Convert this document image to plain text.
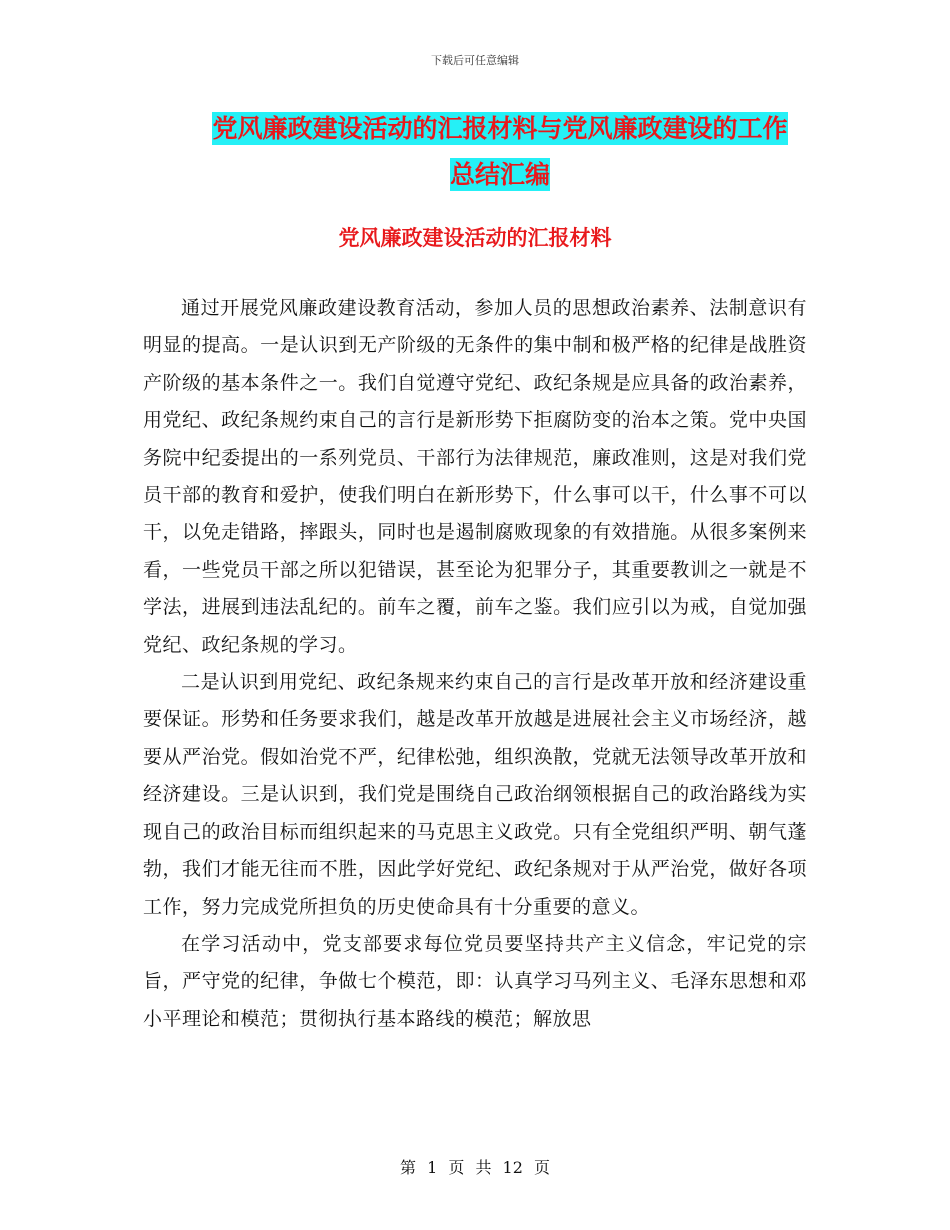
下载后可任意编辑
党风廉政建设活动的汇报材料与党风廉政建设的工作
总结汇编
党风廉政建设活动的汇报材料

通过开展党风廉政建设教育活动，参加人员的思想政治素养、法制意识有明显的提高。一是认识到无产阶级的无条件的集中制和极严格的纪律是战胜资产阶级的基本条件之一。我们自觉遵守党纪、政纪条规是应具备的政治素养，用党纪、政纪条规约束自己的言行是新形势下拒腐防变的治本之策。党中央国务院中纪委提出的一系列党员、干部行为法律规范，廉政准则，这是对我们党员干部的教育和爱护，使我们明白在新形势下，什么事可以干，什么事不可以干，以免走错路，摔跟头，同时也是遏制腐败现象的有效措施。从很多案例来看，一些党员干部之所以犯错误，甚至论为犯罪分子，其重要教训之一就是不学法，进展到违法乱纪的。前车之覆，前车之鉴。我们应引以为戒，自觉加强党纪、政纪条规的学习。

二是认识到用党纪、政纪条规来约束自己的言行是改革开放和经济建设重要保证。形势和任务要求我们，越是改革开放越是进展社会主义市场经济，越要从严治党。假如治党不严，纪律松弛，组织涣散，党就无法领导改革开放和经济建设。三是认识到，我们党是围绕自己政治纲领根据自己的政治路线为实现自己的政治目标而组织起来的马克思主义政党。只有全党组织严明、朝气蓬勃，我们才能无往而不胜，因此学好党纪、政纪条规对于从严治党，做好各项工作，努力完成党所担负的历史使命具有十分重要的意义。

在学习活动中，党支部要求每位党员要坚持共产主义信念，牢记党的宗旨，严守党的纪律，争做七个模范，即：认真学习马列主义、毛泽东思想和邓小平理论和模范；贯彻执行基本路线的模范；解放思

第 1 页 共 12 页
